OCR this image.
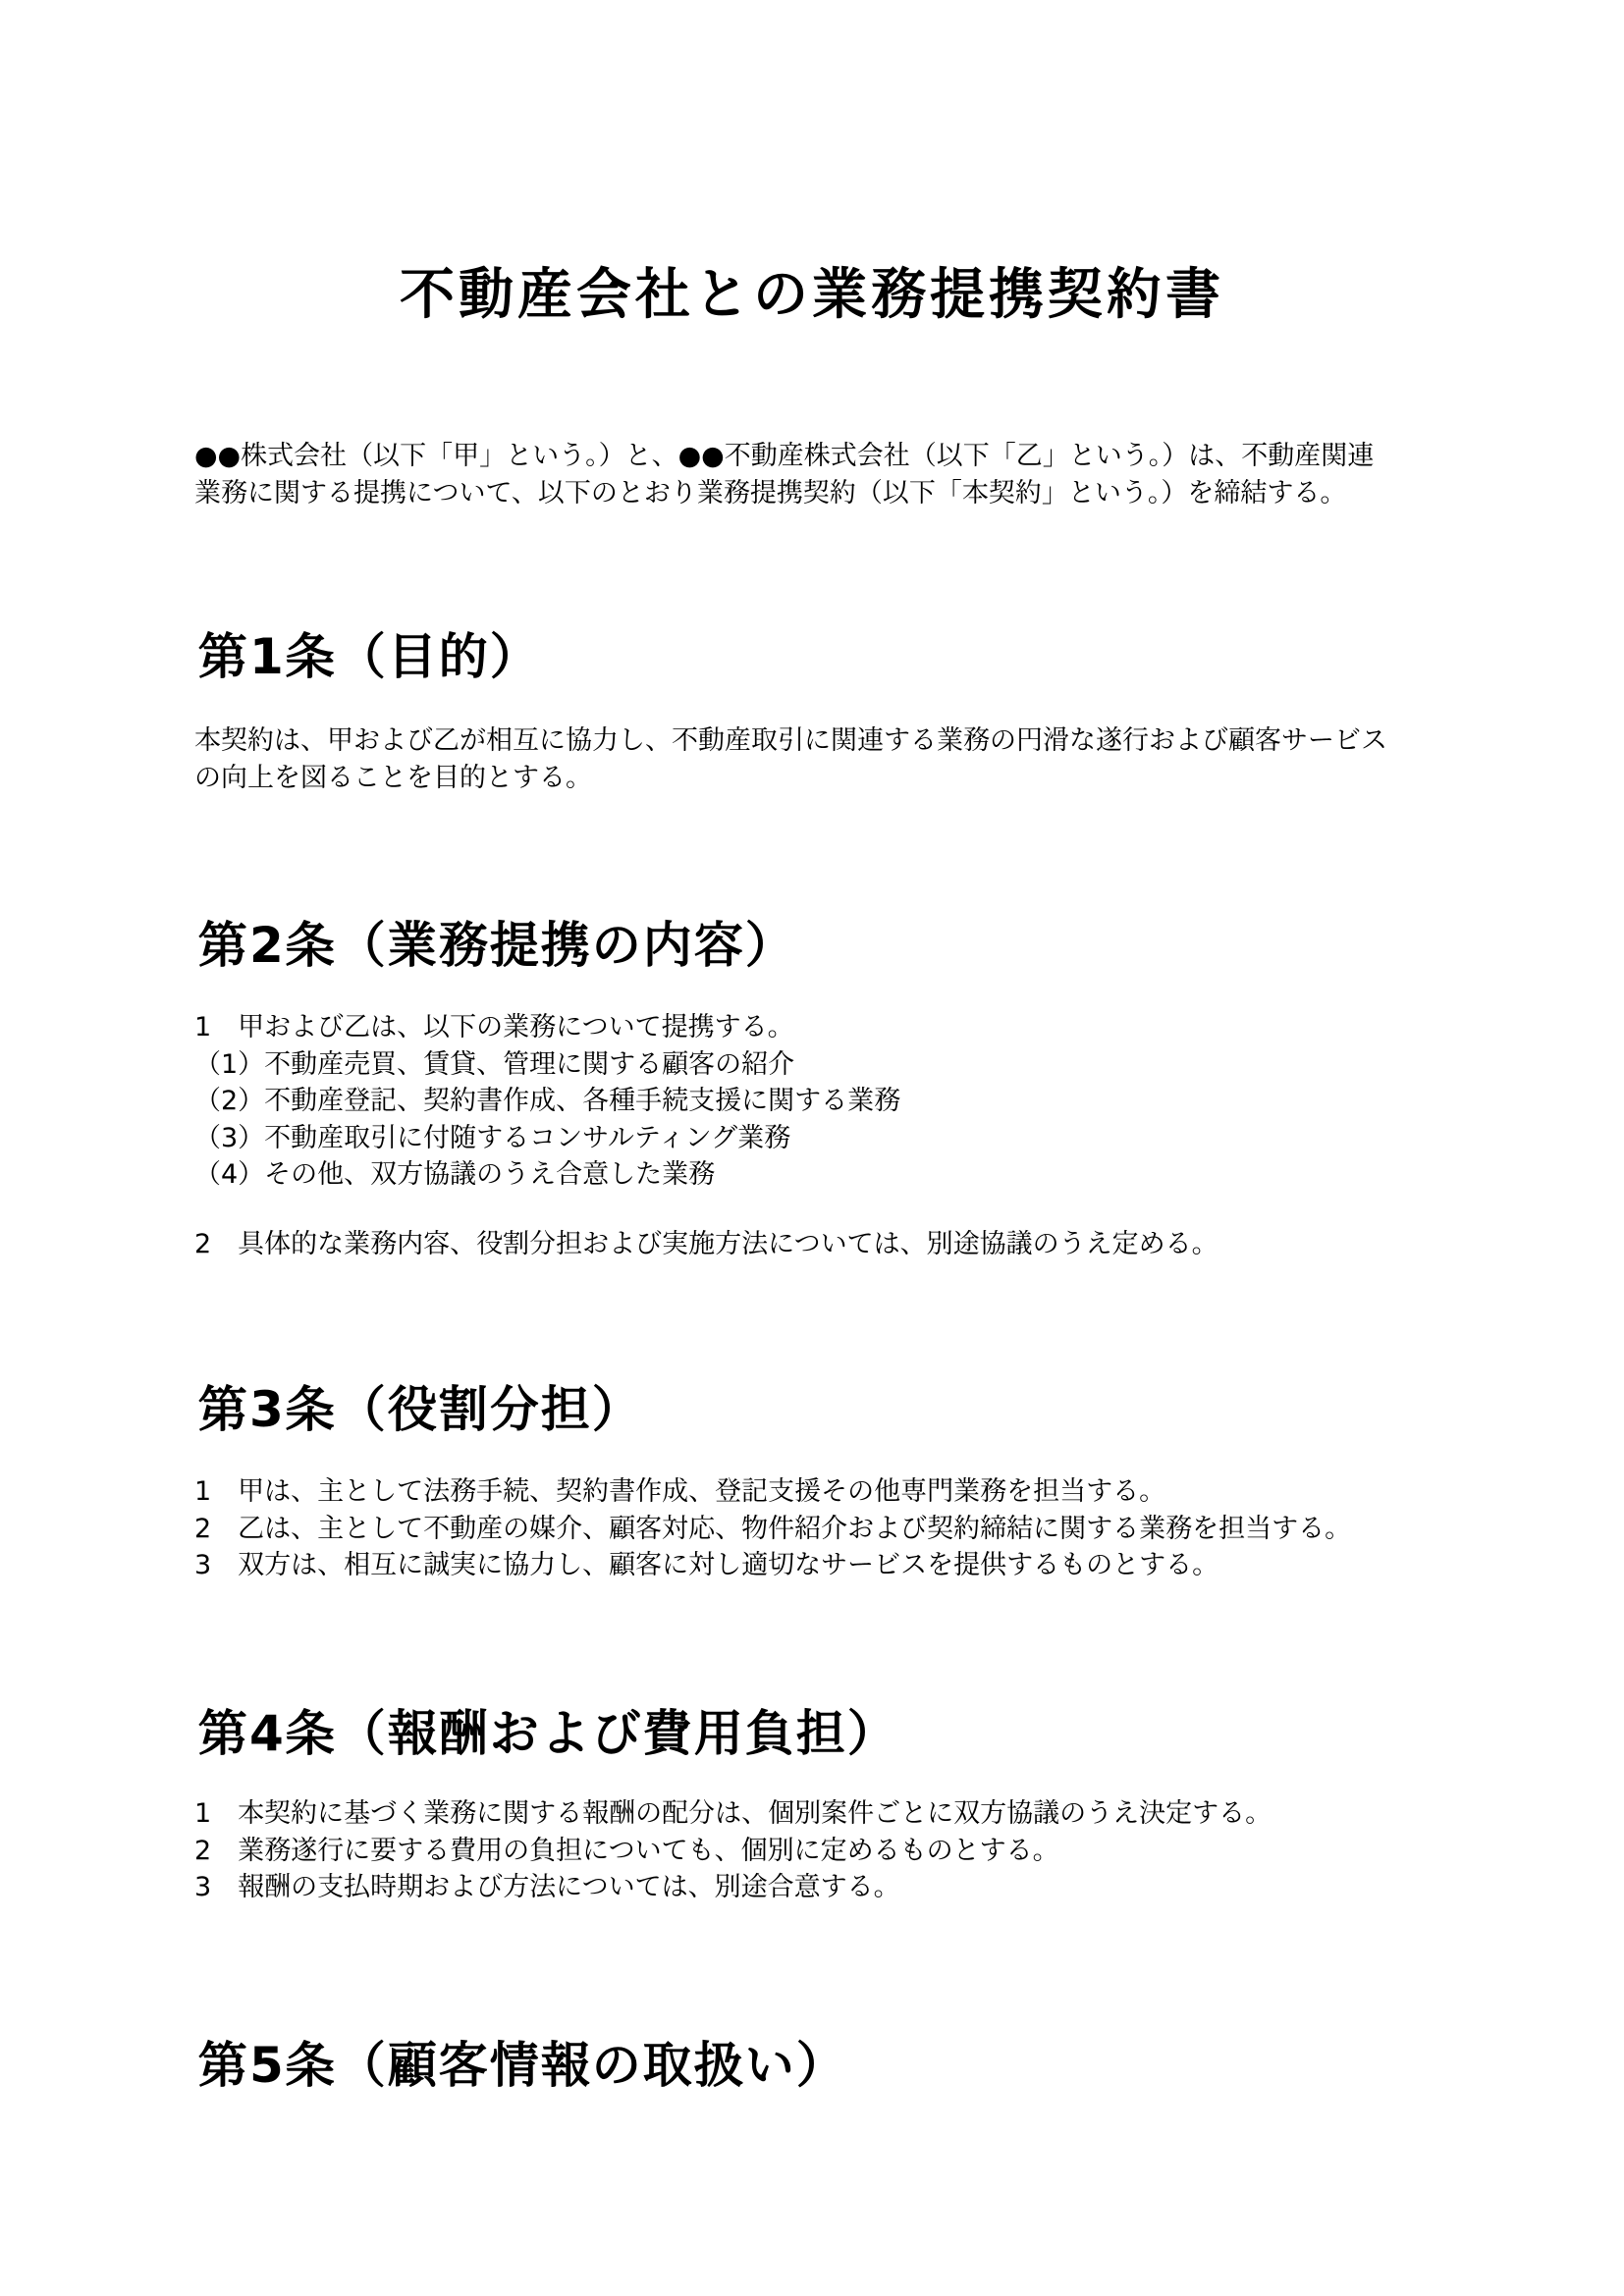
不動産会社との業務提携契約書
●●株式会社（以下「甲」という。）と、●●不動産株式会社（以下「乙」という。）は、不動産関連
業務に関する提携について、以下のとおり業務提携契約（以下「本契約」という。）を締結する。
第1条（目的）
本契約は、甲および乙が相互に協力し、不動産取引に関連する業務の円滑な遂行および顧客サービス
の向上を図ることを目的とする。
第2条（業務提携の内容）
1　甲および乙は、以下の業務について提携する。
（1）不動産売買、賃貸、管理に関する顧客の紹介
（2）不動産登記、契約書作成、各種手続支援に関する業務
（3）不動産取引に付随するコンサルティング業務
（4）その他、双方協議のうえ合意した業務
2　具体的な業務内容、役割分担および実施方法については、別途協議のうえ定める。
第3条（役割分担）
1　甲は、主として法務手続、契約書作成、登記支援その他専門業務を担当する。
2　乙は、主として不動産の媒介、顧客対応、物件紹介および契約締結に関する業務を担当する。
3　双方は、相互に誠実に協力し、顧客に対し適切なサービスを提供するものとする。
第4条（報酬および費用負担）
1　本契約に基づく業務に関する報酬の配分は、個別案件ごとに双方協議のうえ決定する。
2　業務遂行に要する費用の負担についても、個別に定めるものとする。
3　報酬の支払時期および方法については、別途合意する。
第5条（顧客情報の取扱い）
